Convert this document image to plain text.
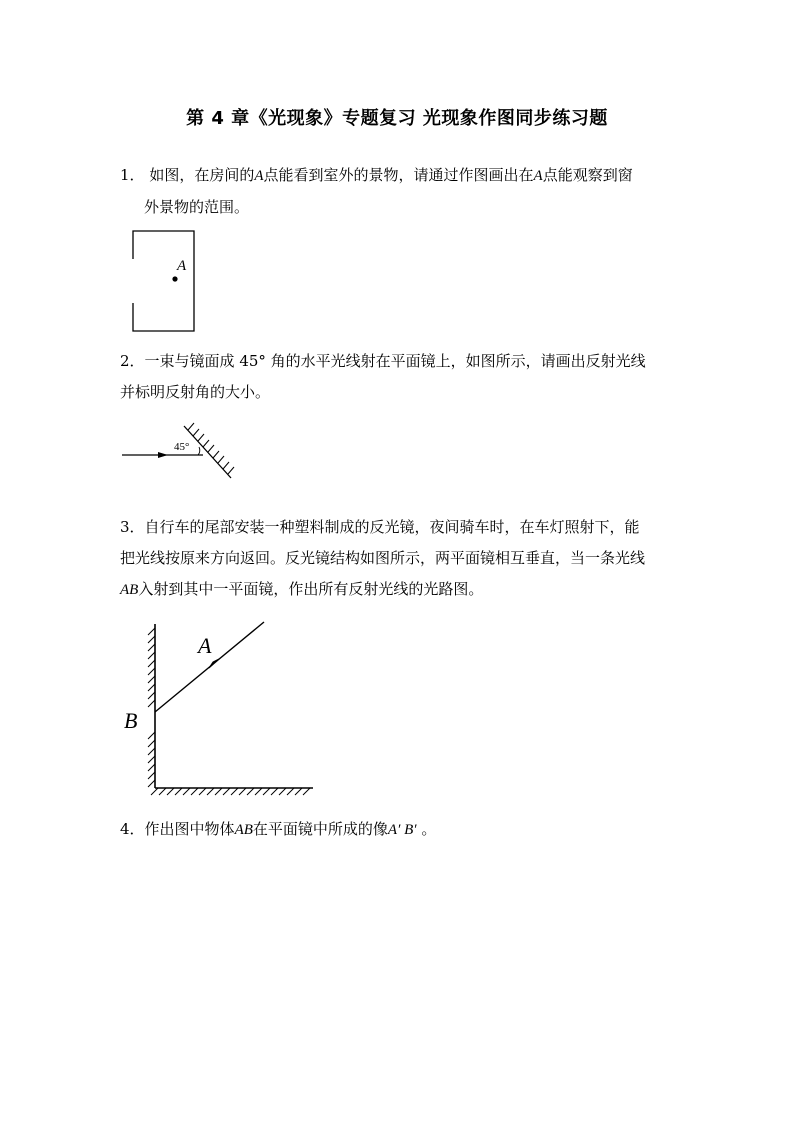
第 4 章《光现象》专题复习 光现象作图同步练习题
1． 如图，在房间的A点能看到室外的景物，请通过作图画出在A点能观察到窗
外景物的范围。
A
2．一束与镜面成 45° 角的水平光线射在平面镜上，如图所示，请画出反射光线
并标明反射角的大小。
45°
3．自行车的尾部安装一种塑料制成的反光镜，夜间骑车时，在车灯照射下，能
把光线按原来方向返回。反光镜结构如图所示，两平面镜相互垂直，当一条光线
AB入射到其中一平面镜，作出所有反射光线的光路图。
A
B
4．作出图中物体AB在平面镜中所成的像A′ B′ 。
